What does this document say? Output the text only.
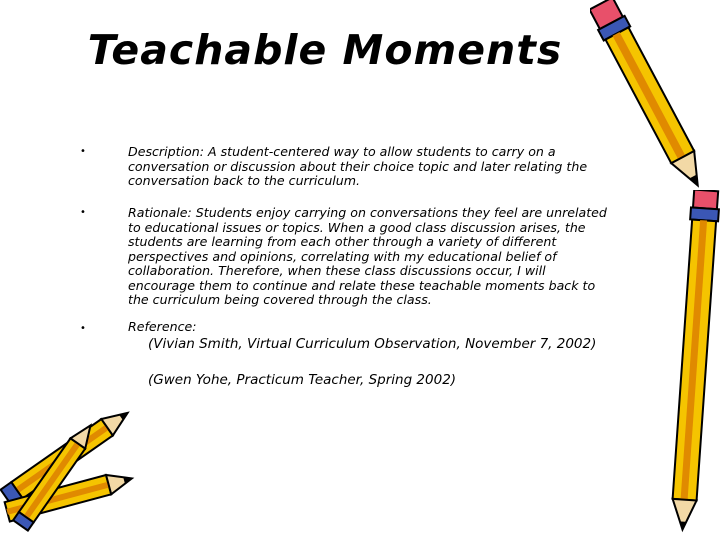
Teachable Moments
•	Description: A student-centered way to allow students to carry on a conversation or discussion about their choice topic and later relating the conversation back to the curriculum.
•	Rationale: Students enjoy carrying on conversations they feel are unrelated to educational issues or topics. When a good class discussion arises, the students are learning from each other through a variety of different perspectives and opinions, correlating with my educational belief of collaboration. Therefore, when these class discussions occur, I will encourage them to continue and relate these teachable moments back to the curriculum being covered through the class.
•	Reference:
(Vivian Smith, Virtual Curriculum Observation, November 7, 2002)
(Gwen Yohe, Practicum Teacher, Spring 2002)
